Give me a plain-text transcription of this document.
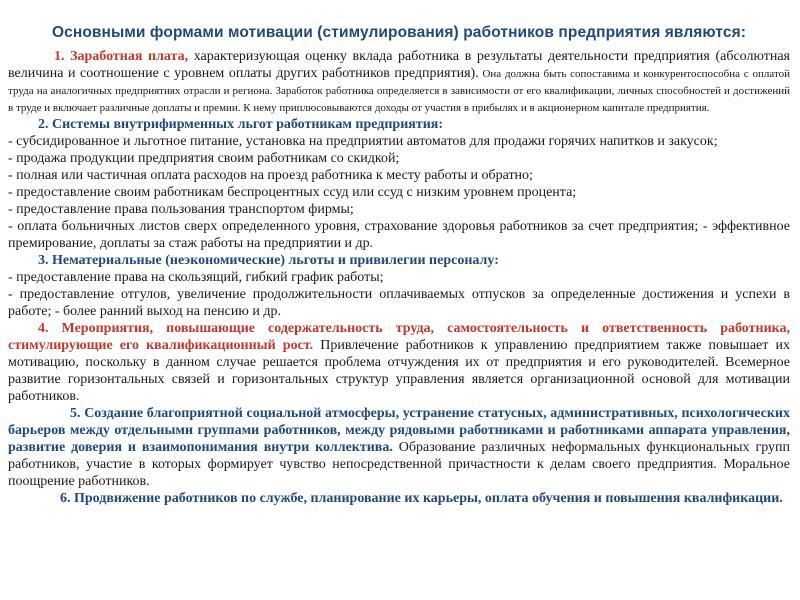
Основными формами мотивации (стимулирования) работников предприятия являются:

1. Заработная плата, характеризующая оценку вклада работника в результаты деятельности предприятия (абсолютная величина и соотношение с уровнем оплаты других работников предприятия). Она должна быть сопоставима и конкурентоспособна с оплатой труда на аналогичных предприятиях отрасли и региона. Заработок работника определяется в зависимости от его квалификации, личных способностей и достижений в труде и включает различные доплаты и премии. К нему приплюсовываются доходы от участия в прибылях и в акционерном капитале предприятия.

2. Системы внутрифирменных льгот работникам предприятия:

- субсидированное и льготное питание, установка на предприятии автоматов для продажи горячих напитков и закусок;

- продажа продукции предприятия своим работникам со скидкой;

- полная или частичная оплата расходов на проезд работника к месту работы и обратно;

- предоставление своим работникам беспроцентных ссуд или ссуд с низким уровнем процента;

- предоставление права пользования транспортом фирмы;

- оплата больничных листов сверх определенного уровня, страхование здоровья работников за счет предприятия; - эффективное премирование, доплаты за стаж работы на предприятии и др.

3. Нематериальные (неэкономические) льготы и привилегии персоналу:

- предоставление права на скользящий, гибкий график работы;

- предоставление отгулов, увеличение продолжительности оплачиваемых отпусков за определенные достижения и успехи в работе; - более ранний выход на пенсию и др.

4. Мероприятия, повышающие содержательность труда, самостоятельность и ответственность работника, стимулирующие его квалификационный рост. Привлечение работников к управлению предприятием также повышает их мотивацию, поскольку в данном случае решается проблема отчуждения их от предприятия и его руководителей. Всемерное развитие горизонтальных связей и горизонтальных структур управления является организационной основой для мотивации работников.

5. Создание благоприятной социальной атмосферы, устранение статусных, административных, психологических барьеров между отдельными группами работников, между рядовыми работниками и работниками аппарата управления, развитие доверия и взаимопонимания внутри коллектива. Образование различных неформальных функциональных групп работников, участие в которых формирует чувство непосредственной причастности к делам своего предприятия. Моральное поощрение работников.

6. Продвижение работников по службе, планирование их карьеры, оплата обучения и повышения квалификации.
